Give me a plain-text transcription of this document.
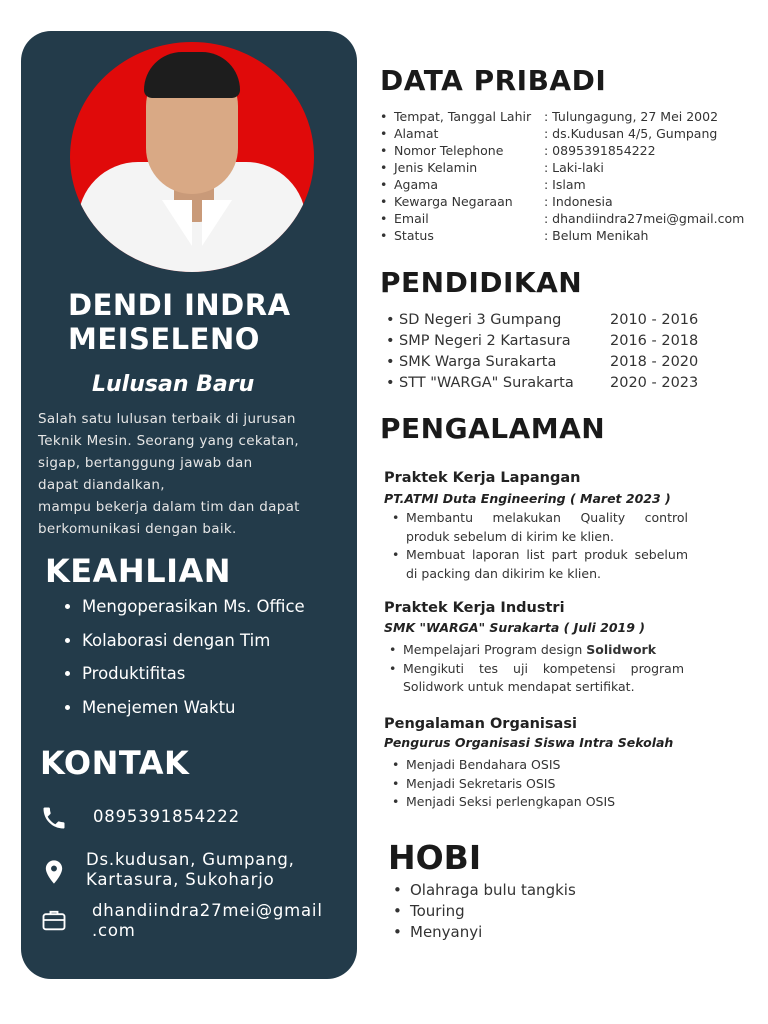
DENDI INDRA
MEISELENO
Lulusan Baru

Salah satu lulusan terbaik di jurusan

Teknik Mesin. Seorang yang cekatan,

sigap, bertanggung jawab dan

dapat diandalkan,

mampu bekerja dalam tim dan dapat

berkomunikasi dengan baik.

KEAHLIAN
• Mengoperasikan Ms. Office
• Kolaborasi dengan Tim
• Produktifitas
• Menejemen Waktu
KONTAK
0895391854222
Ds.kudusan, Gumpang,
Kartasura, Sukoharjo
dhandiindra27mei@gmail
.com
DATA PRIBADI
• Tempat, Tanggal Lahir : Tulungagung, 27 Mei 2002
• Alamat	: ds.Kudusan 4/5, Gumpang
• Nomor Telephone	: 0895391854222
• Jenis Kelamin	: Laki-laki
• Agama	: Islam
• Kewarga Negaraan	: Indonesia
• Email	: dhandiindra27mei@gmail.com
• Status	: Belum Menikah
PENDIDIKAN
• SD Negeri 3 Gumpang	2010 - 2016
• SMP Negeri 2 Kartasura	2016 - 2018
• SMK Warga Surakarta	2018 - 2020
• STT "WARGA" Surakarta	2020 - 2023
PENGALAMAN
Praktek Kerja Lapangan
PT.ATMI Duta Engineering ( Maret 2023 )
• Membantu melakukan Quality control produk sebelum di kirim ke klien.
• Membuat laporan list part produk sebelum di packing dan dikirim ke klien.
Praktek Kerja Industri
SMK "WARGA" Surakarta ( Juli 2019 )
• Mempelajari Program design Solidwork
• Mengikuti tes uji kompetensi program Solidwork untuk mendapat sertifikat.
Pengalaman Organisasi
Pengurus Organisasi Siswa Intra Sekolah
• Menjadi Bendahara OSIS
• Menjadi Sekretaris OSIS
• Menjadi Seksi perlengkapan OSIS
HOBI
• Olahraga bulu tangkis
• Touring
• Menyanyi
